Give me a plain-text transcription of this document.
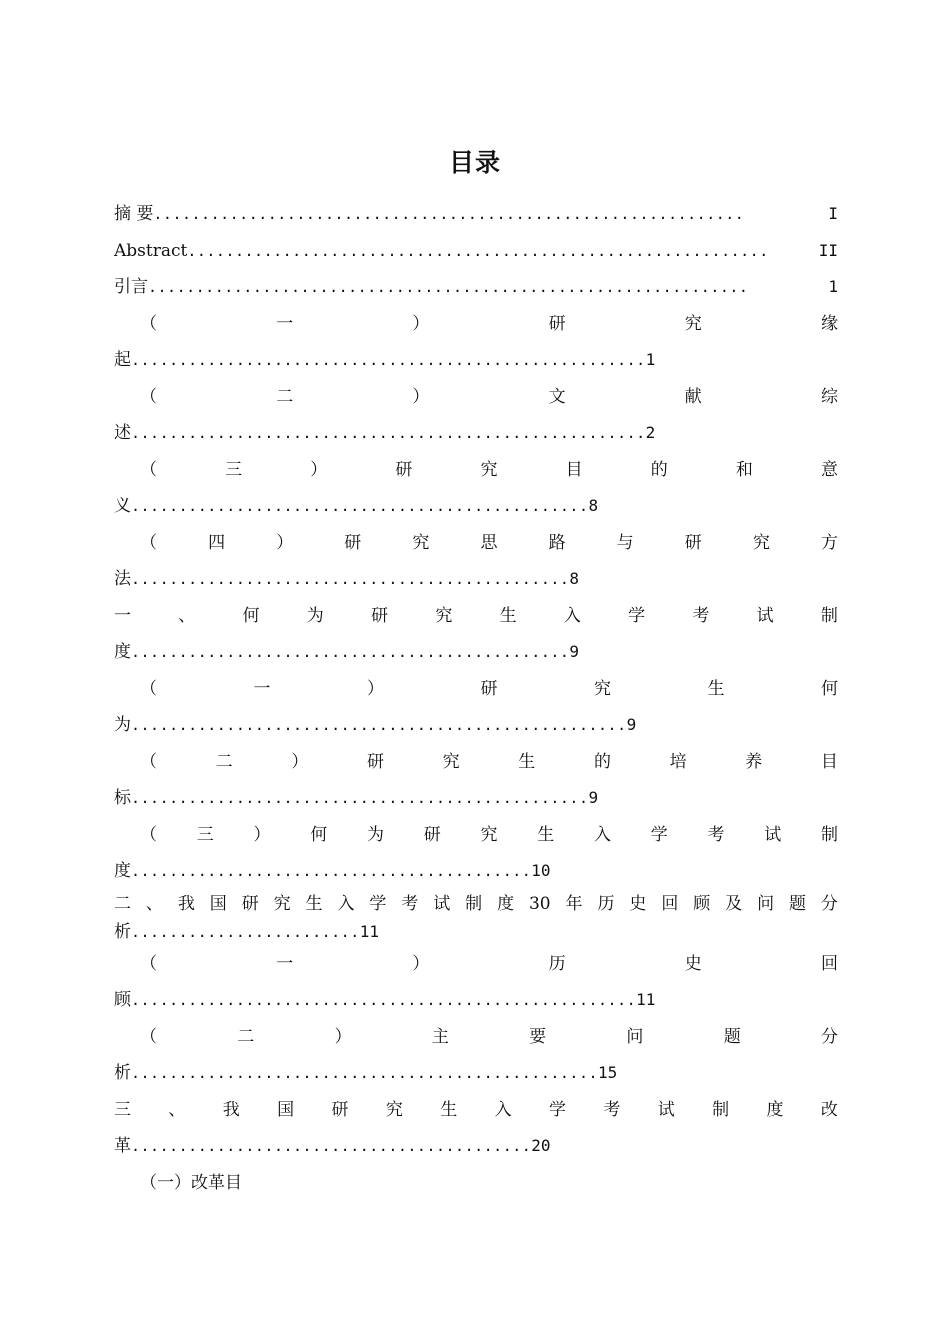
目录
摘 要 ..............................................................	I
Abstract .............................................................	II
引言 ...............................................................	1
（	一	）	研	究	缘
起 ...................................................... 1
（	二	）	文	献	综
述 ...................................................... 2
（	三	）	研	究	目	的	和	意
义 ................................................ 8
（	四	）	研	究	思	路	与	研	究	方
法 .............................................. 8
一	、	何	为	研	究	生	入	学	考	试	制
度 .............................................. 9
（	一	）	研	究	生	何
为 .................................................... 9
（	二	）	研	究	生	的	培	养	目
标 ................................................ 9
（ 三 ） 何 为 研 究 生 入 学 考 试 制
度 .......................................... 10
二 、 我 国 研 究 生 入 学 考 试 制 度 30 年 历 史 回 顾 及 问 题 分
析 ........................ 11
（	一	）	历	史	回
顾 ..................................................... 11
（	二	）	主	要	问	题	分
析 ................................................. 15
三 、 我 国 研 究 生 入 学 考 试 制 度 改
革 .......................................... 20
（一）改革目
